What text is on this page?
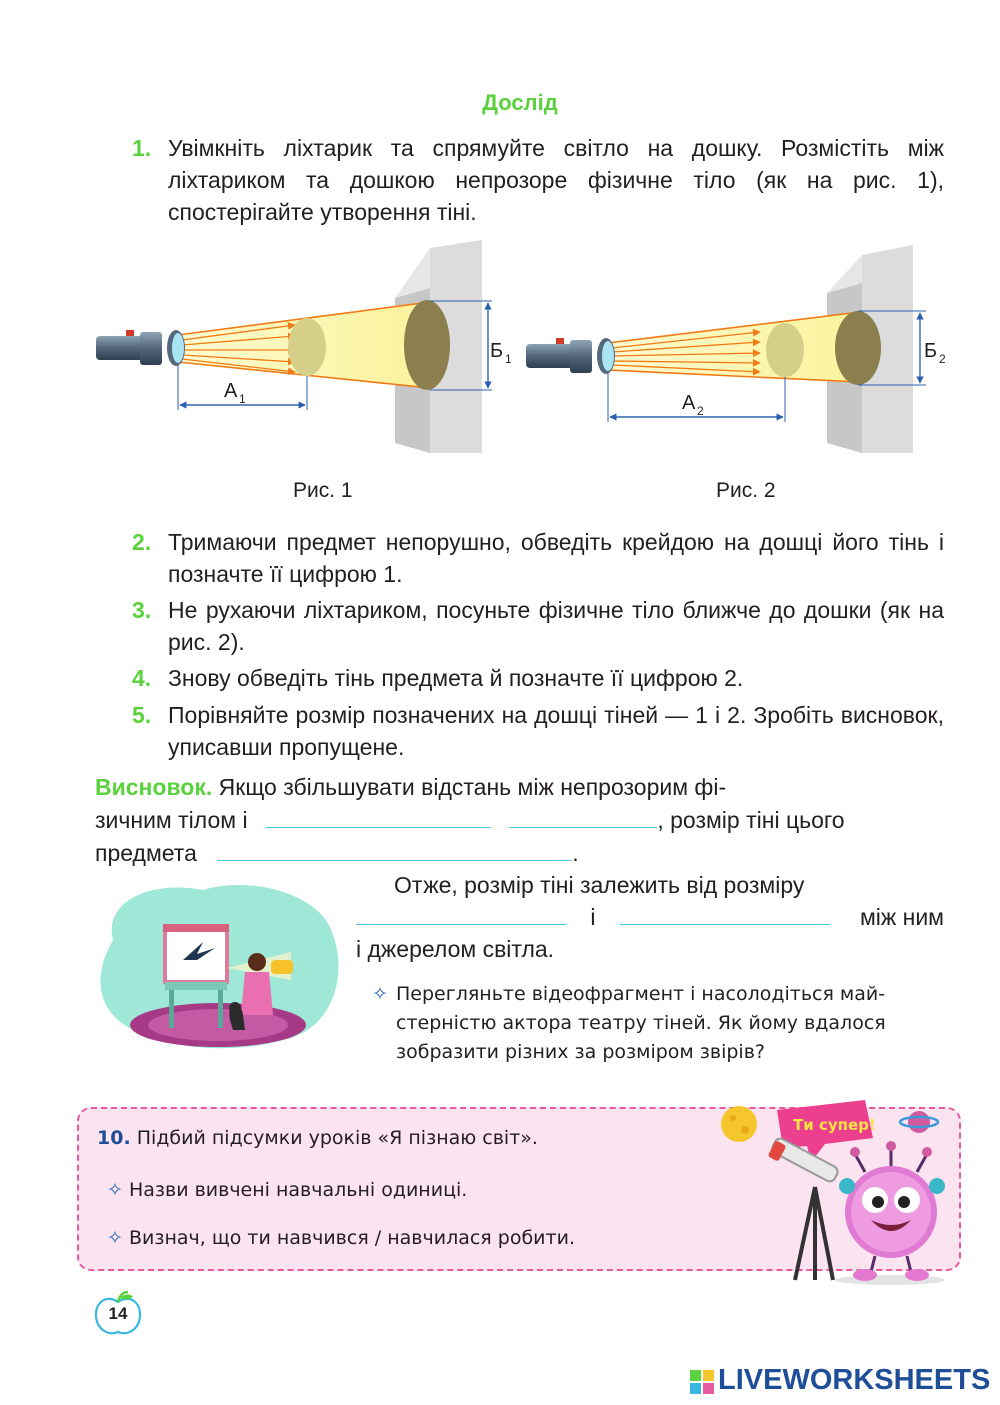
Дослід
1. Увімкніть ліхтарик та спрямуйте світло на дошку. Розмістіть між ліхтариком та дошкою непрозоре фізичне тіло (як на рис. 1), спостерігайте утворення тіні.
А 1
Б 1
А 2
Б 2
Рис. 1	Рис. 2
2. Тримаючи предмет непорушно, обведіть крейдою на дошці його тінь і позначте її цифрою 1.
3. Не рухаючи ліхтариком, посуньте фізичне тіло ближче до дошки (як на рис. 2).
4. Знову обведіть тінь предмета й позначте її цифрою 2.
5. Порівняйте розмір позначених на дошці тіней — 1 і 2. Зробіть висновок, уписавши пропущене.
Висновок. Якщо збільшувати відстань між непрозорим фі-
зичним тілом і	, розмір тіні цього
предмета	.
Отже, розмір тіні залежить від розміру
і	між ним
і джерелом світла.
✧ Перегляньте відеофрагмент і насолодіться май-
стерністю актора театру тіней. Як йому вдалося
зобразити різних за розміром звірів?
10. Підбий підсумки уроків «Я пізнаю світ».
✧ Назви вивчені навчальні одиниці.
✧ Визнач, що ти навчився / навчилася робити.
Ти супер!
14
LIVEWORKSHEETS
